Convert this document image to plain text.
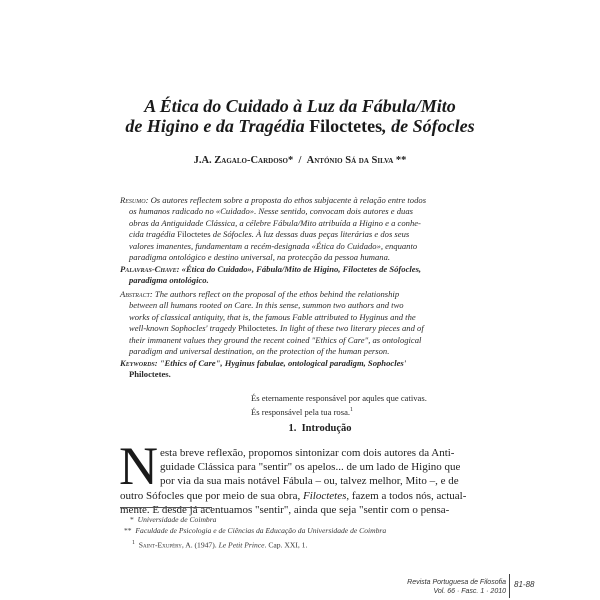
A Ética do Cuidado à Luz da Fábula/Mito
de Higino e da Tragédia Filoctetes, de Sófocles
J.A. Zagalo-Cardoso* / António Sá da Silva **
Resumo: Os autores reflectem sobre a proposta do ethos subjacente à relação entre todos
os humanos radicado no «Cuidado». Nesse sentido, convocam dois autores e duas
obras da Antiguidade Clássica, a célebre Fábula/Mito atribuída a Higino e a conhe-
cida tragédia Filoctetes de Sófocles. À luz dessas duas peças literárias e dos seus
valores imanentes, fundamentam a recém-designada «Ética do Cuidado», enquanto
paradigma ontológico e destino universal, na protecção da pessoa humana.
Palavras-Chave: «Ética do Cuidado», Fábula/Mito de Higino, Filoctetes de Sófocles,
paradigma ontológico.
Abstract: The authors reflect on the proposal of the ethos behind the relationship
between all humans rooted on Care. In this sense, summon two authors and two
works of classical antiquity, that is, the famous Fable attributed to Hyginus and the
well-known Sophocles' tragedy Philoctetes. In light of these two literary pieces and of
their immanent values they ground the recent coined "Ethics of Care", as ontological
paradigm and universal destination, on the protection of the human person.
Keywords: "Ethics of Care", Hyginus fabulae, ontological paradigm, Sophocles'
Philoctetes.
És eternamente responsável por aqules que cativas.
És responsável pela tua rosa.$^1$
1. Introdução
N esta breve reflexão, propomos sintonizar com dois autores da Anti-
guidade Clássica para "sentir" os apelos... de um lado de Higino que
por via da sua mais notável Fábula – ou, talvez melhor, Mito –, e de
outro Sófocles que por meio de sua obra, Filoctetes, fazem a todos nós, actual-
mente. E desde já acentuamos "sentir", ainda que seja "sentir com o pensa-
* Universidade de Coimbra
** Faculdade de Psicologia e de Ciências da Educação da Universidade de Coimbra
$^1$ Saint-Exupéry, A. (1947). Le Petit Prince. Cap. XXI, 1.
Revista Portuguesa de Filosofia
Vol. 66 · Fasc. 1 · 2010
81-88
